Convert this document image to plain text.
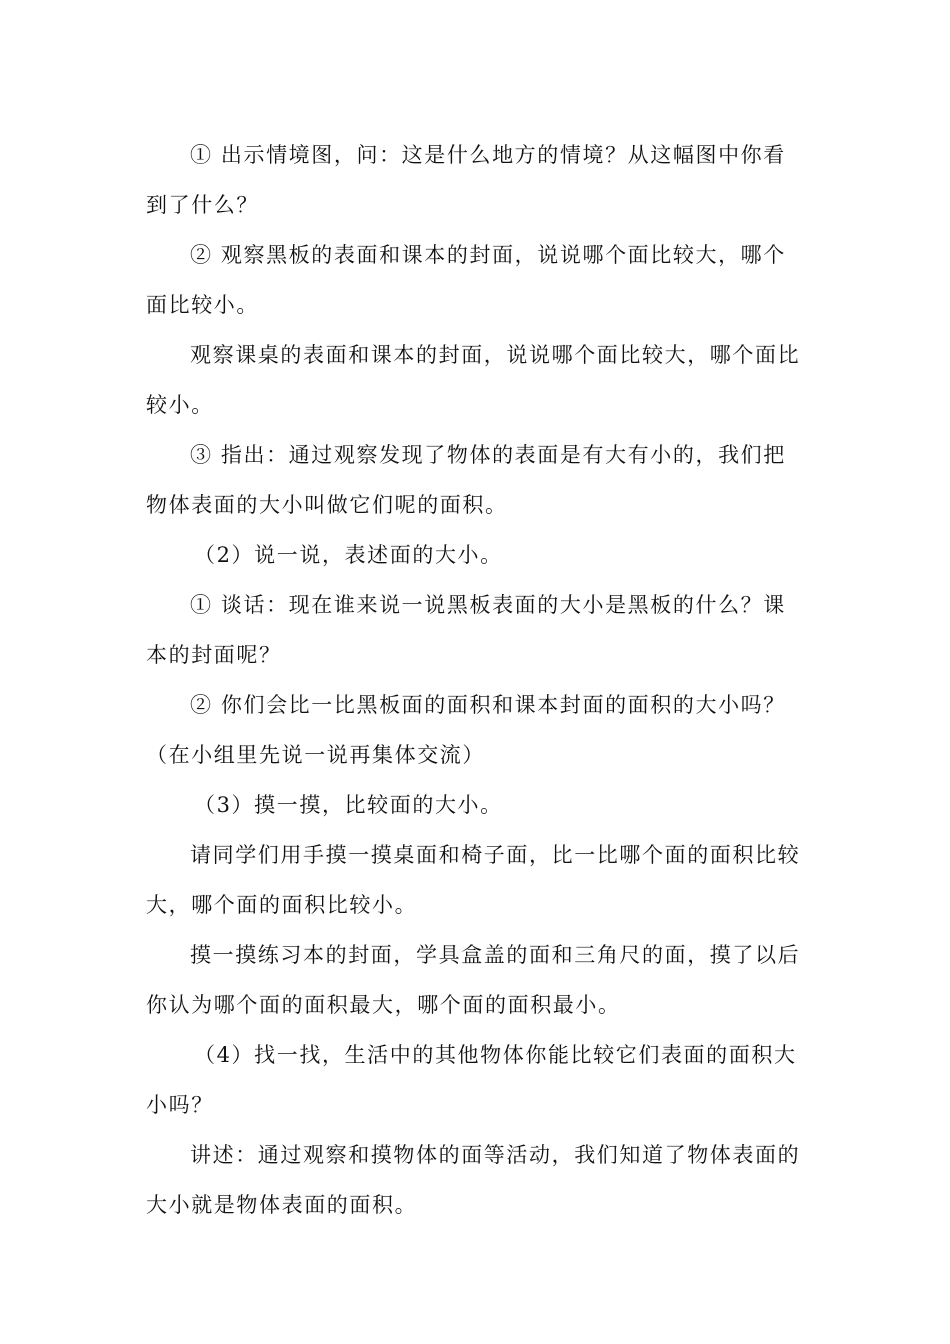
① 出示情境图，问：这是什么地方的情境？从这幅图中你看到了什么？

② 观察黑板的表面和课本的封面，说说哪个面比较大，哪个面比较小。

观察课桌的表面和课本的封面，说说哪个面比较大，哪个面比较小。

③ 指出：通过观察发现了物体的表面是有大有小的，我们把物体表面的大小叫做它们呢的面积。

（2）说一说，表述面的大小。

① 谈话：现在谁来说一说黑板表面的大小是黑板的什么？课本的封面呢？

② 你们会比一比黑板面的面积和课本封面的面积的大小吗？（在小组里先说一说再集体交流）

（3）摸一摸，比较面的大小。

请同学们用手摸一摸桌面和椅子面，比一比哪个面的面积比较大，哪个面的面积比较小。

摸一摸练习本的封面，学具盒盖的面和三角尺的面，摸了以后你认为哪个面的面积最大，哪个面的面积最小。

（4）找一找，生活中的其他物体你能比较它们表面的面积大小吗？

讲述：通过观察和摸物体的面等活动，我们知道了物体表面的大小就是物体表面的面积。
